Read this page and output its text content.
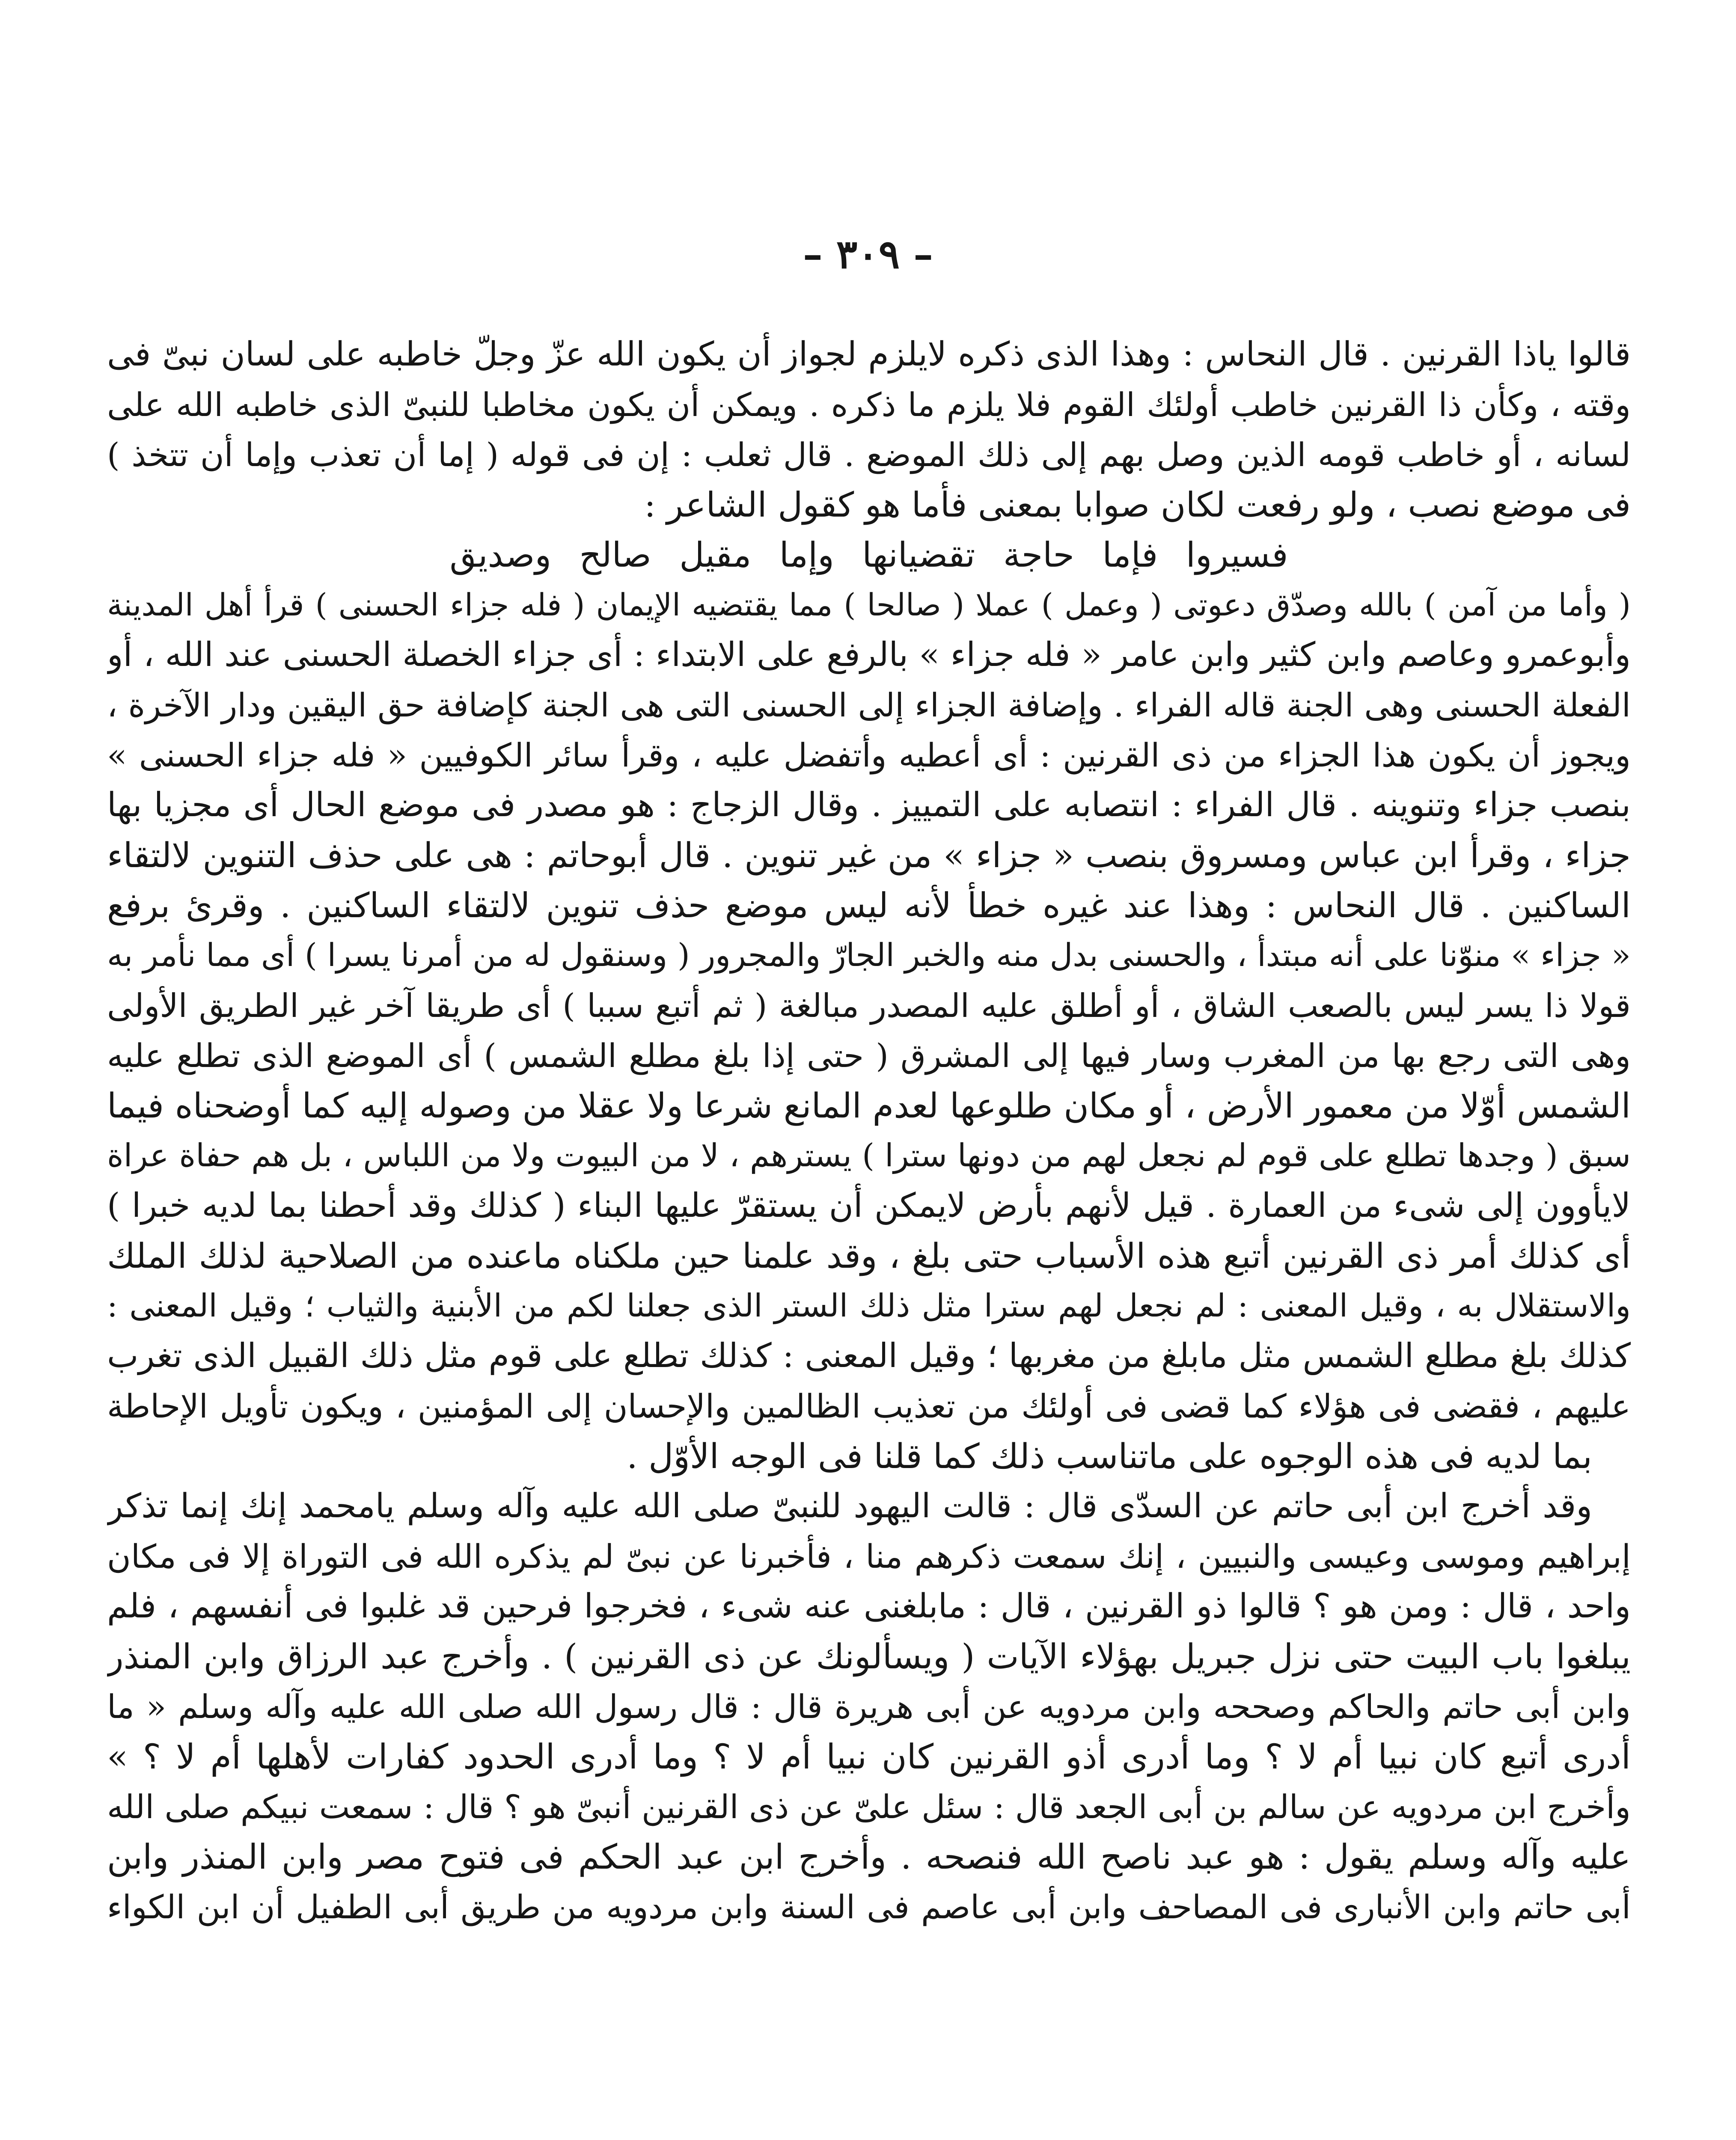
– ٣٠٩ –
قالوا ياذا القرنين . قال النحاس : وهذا الذى ذكره لايلزم لجواز أن يكون الله عزّ وجلّ خاطبه على لسان نبىّ فى
وقته ، وكأن ذا القرنين خاطب أولئك القوم فلا يلزم ما ذكره . ويمكن أن يكون مخاطبا للنبىّ الذى خاطبه الله على
لسانه ، أو خاطب قومه الذين وصل بهم إلى ذلك الموضع . قال ثعلب : إن فى قوله ( إما أن تعذب وإما أن تتخذ )
فى موضع نصب ، ولو رفعت لكان صوابا بمعنى فأما هو كقول الشاعر :
فسيروا فإما حاجة تقضيانها وإما مقيل صالح وصديق
( وأما من آمن ) بالله وصدّق دعوتى ( وعمل ) عملا ( صالحا ) مما يقتضيه الإيمان ( فله جزاء الحسنى ) قرأ أهل المدينة
وأبوعمرو وعاصم وابن كثير وابن عامر « فله جزاء » بالرفع على الابتداء : أى جزاء الخصلة الحسنى عند الله ، أو
الفعلة الحسنى وهى الجنة قاله الفراء . وإضافة الجزاء إلى الحسنى التى هى الجنة كإضافة حق اليقين ودار الآخرة ،
ويجوز أن يكون هذا الجزاء من ذى القرنين : أى أعطيه وأتفضل عليه ، وقرأ سائر الكوفيين « فله جزاء الحسنى »
بنصب جزاء وتنوينه . قال الفراء : انتصابه على التمييز . وقال الزجاج : هو مصدر فى موضع الحال أى مجزيا بها
جزاء ، وقرأ ابن عباس ومسروق بنصب « جزاء » من غير تنوين . قال أبوحاتم : هى على حذف التنوين لالتقاء
الساكنين . قال النحاس : وهذا عند غيره خطأ لأنه ليس موضع حذف تنوين لالتقاء الساكنين . وقرئ برفع
« جزاء » منوّنا على أنه مبتدأ ، والحسنى بدل منه والخبر الجارّ والمجرور ( وسنقول له من أمرنا يسرا ) أى مما نأمر به
قولا ذا يسر ليس بالصعب الشاق ، أو أطلق عليه المصدر مبالغة ( ثم أتبع سببا ) أى طريقا آخر غير الطريق الأولى
وهى التى رجع بها من المغرب وسار فيها إلى المشرق ( حتى إذا بلغ مطلع الشمس ) أى الموضع الذى تطلع عليه
الشمس أوّلا من معمور الأرض ، أو مكان طلوعها لعدم المانع شرعا ولا عقلا من وصوله إليه كما أوضحناه فيما
سبق ( وجدها تطلع على قوم لم نجعل لهم من دونها سترا ) يسترهم ، لا من البيوت ولا من اللباس ، بل هم حفاة عراة
لايأوون إلى شىء من العمارة . قيل لأنهم بأرض لايمكن أن يستقرّ عليها البناء ( كذلك وقد أحطنا بما لديه خبرا )
أى كذلك أمر ذى القرنين أتبع هذه الأسباب حتى بلغ ، وقد علمنا حين ملكناه ماعنده من الصلاحية لذلك الملك
والاستقلال به ، وقيل المعنى : لم نجعل لهم سترا مثل ذلك الستر الذى جعلنا لكم من الأبنية والثياب ؛ وقيل المعنى :
كذلك بلغ مطلع الشمس مثل مابلغ من مغربها ؛ وقيل المعنى : كذلك تطلع على قوم مثل ذلك القبيل الذى تغرب
عليهم ، فقضى فى هؤلاء كما قضى فى أولئك من تعذيب الظالمين والإحسان إلى المؤمنين ، ويكون تأويل الإحاطة
بما لديه فى هذه الوجوه على ماتناسب ذلك كما قلنا فى الوجه الأوّل .
وقد أخرج ابن أبى حاتم عن السدّى قال : قالت اليهود للنبىّ صلى الله عليه وآله وسلم يامحمد إنك إنما تذكر
إبراهيم وموسى وعيسى والنبيين ، إنك سمعت ذكرهم منا ، فأخبرنا عن نبىّ لم يذكره الله فى التوراة إلا فى مكان
واحد ، قال : ومن هو ؟ قالوا ذو القرنين ، قال : مابلغنى عنه شىء ، فخرجوا فرحين قد غلبوا فى أنفسهم ، فلم
يبلغوا باب البيت حتى نزل جبريل بهؤلاء الآيات ( ويسألونك عن ذى القرنين ) . وأخرج عبد الرزاق وابن المنذر
وابن أبى حاتم والحاكم وصححه وابن مردويه عن أبى هريرة قال : قال رسول الله صلى الله عليه وآله وسلم « ما
أدرى أتبع كان نبيا أم لا ؟ وما أدرى أذو القرنين كان نبيا أم لا ؟ وما أدرى الحدود كفارات لأهلها أم لا ؟ »
وأخرج ابن مردويه عن سالم بن أبى الجعد قال : سئل علىّ عن ذى القرنين أنبىّ هو ؟ قال : سمعت نبيكم صلى الله
عليه وآله وسلم يقول : هو عبد ناصح الله فنصحه . وأخرج ابن عبد الحكم فى فتوح مصر وابن المنذر وابن
أبى حاتم وابن الأنبارى فى المصاحف وابن أبى عاصم فى السنة وابن مردويه من طريق أبى الطفيل أن ابن الكواء
